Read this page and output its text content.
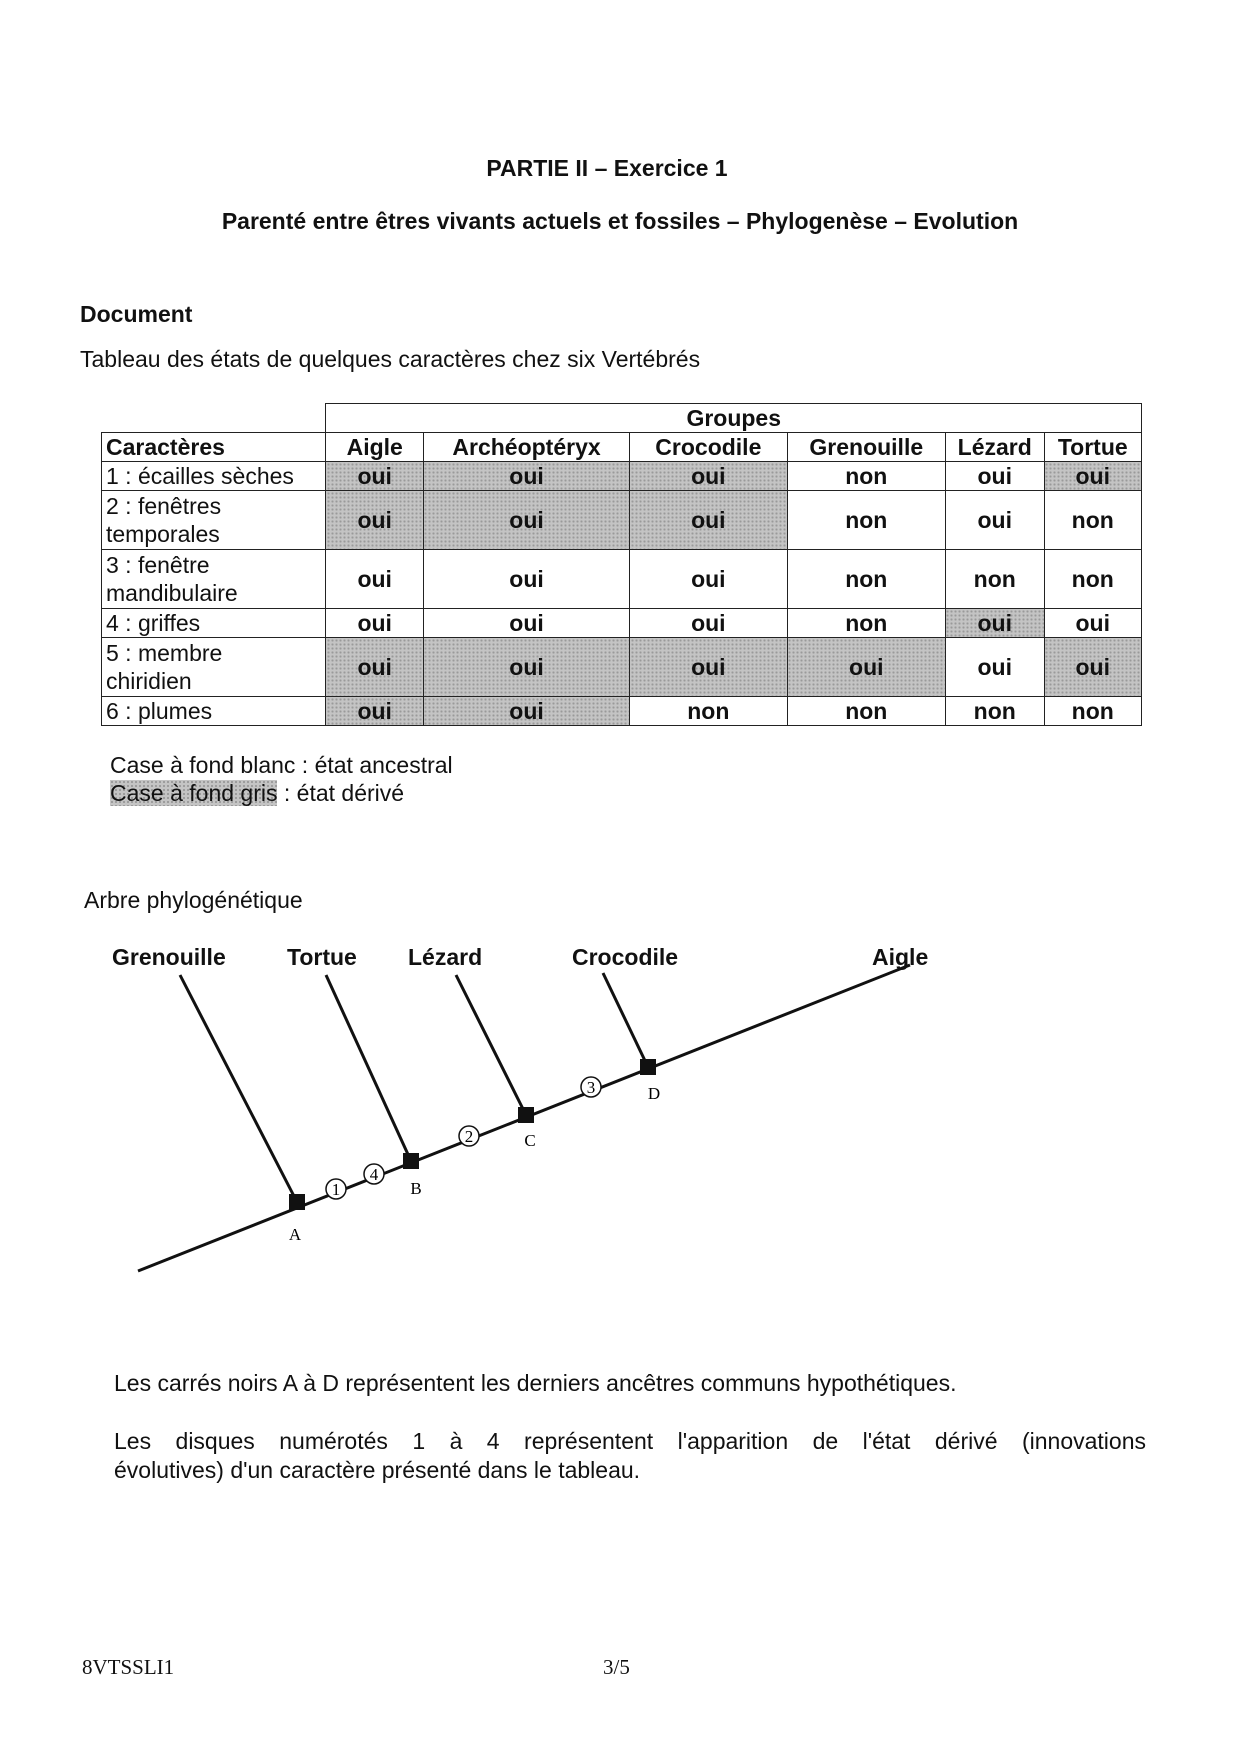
PARTIE II – Exercice 1
Parenté entre êtres vivants actuels et fossiles – Phylogenèse – Evolution
Document
Tableau des états de quelques caractères chez six Vertébrés
	Groupes					
Caractères	Aigle	Archéoptéryx	Crocodile	Grenouille	Lézard	Tortue

1 : écailles sèches	oui	oui	oui	non	oui	oui

2 : fenêtres
temporales	oui	oui	oui	non	oui	non

3 : fenêtre
mandibulaire	oui	oui	oui	non	non	non

4 : griffes	oui	oui	oui	non	oui	oui

5 : membre
chiridien	oui	oui	oui	oui	oui	oui

6 : plumes	oui	oui	non	non	non	non
Case à fond blanc : état ancestral
Case à fond gris : état dérivé
Arbre phylogénétique
Grenouille	Tortue Lézard	Crocodile	Aigle
1
4
2
3
A
B
C
D
Les carrés noirs A à D représentent les derniers ancêtres communs hypothétiques.
Les disques numérotés 1 à 4 représentent l'apparition de l'état dérivé (innovations
évolutives) d'un caractère présenté dans le tableau.
8VTSSLI1	3/5
